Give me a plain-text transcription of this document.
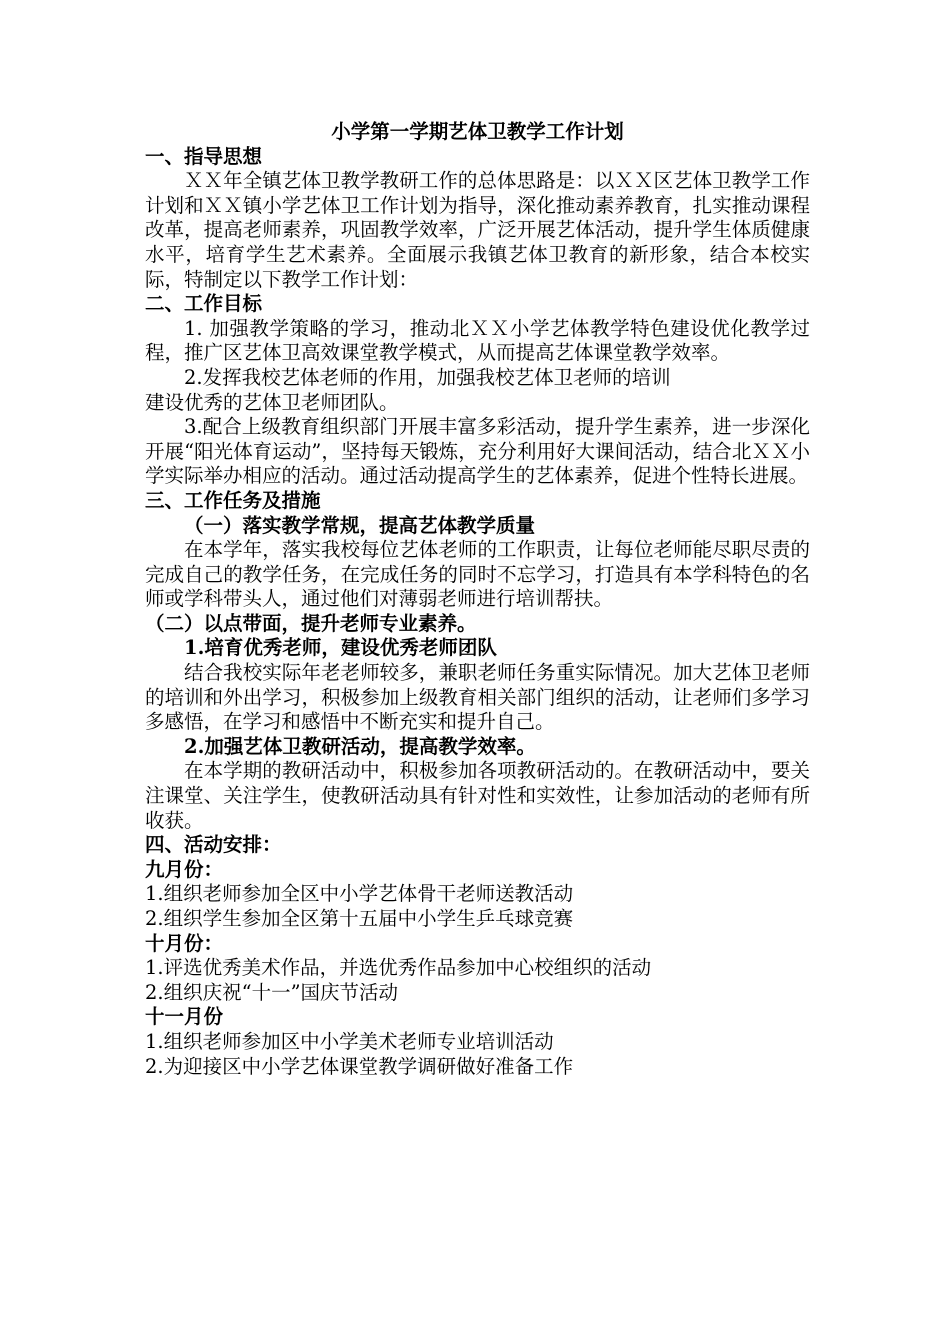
小学第一学期艺体卫教学工作计划

一、指导思想

ＸＸ年全镇艺体卫教学教研工作的总体思路是：以ＸＸ区艺体卫教学工作计划和ＸＸ镇小学艺体卫工作计划为指导，深化推动素养教育，扎实推动课程改革，提高老师素养，巩固教学效率，广泛开展艺体活动，提升学生体质健康水平，培育学生艺术素养。全面展示我镇艺体卫教育的新形象，结合本校实际，特制定以下教学工作计划：

二、工作目标

1. 加强教学策略的学习，推动北ＸＸ小学艺体教学特色建设优化教学过程，推广区艺体卫高效课堂教学模式，从而提高艺体课堂教学效率。

2.发挥我校艺体老师的作用，加强我校艺体卫老师的培训

建设优秀的艺体卫老师团队。

3.配合上级教育组织部门开展丰富多彩活动，提升学生素养，进一步深化开展“阳光体育运动”，坚持每天锻炼，充分利用好大课间活动，结合北ＸＸ小学实际举办相应的活动。通过活动提高学生的艺体素养，促进个性特长进展。

三、工作任务及措施

（一）落实教学常规，提高艺体教学质量

在本学年，落实我校每位艺体老师的工作职责，让每位老师能尽职尽责的完成自己的教学任务，在完成任务的同时不忘学习，打造具有本学科特色的名师或学科带头人，通过他们对薄弱老师进行培训帮扶。

（二）以点带面，提升老师专业素养。

1.培育优秀老师，建设优秀老师团队

结合我校实际年老老师较多，兼职老师任务重实际情况。加大艺体卫老师的培训和外出学习，积极参加上级教育相关部门组织的活动，让老师们多学习多感悟，在学习和感悟中不断充实和提升自己。

2.加强艺体卫教研活动，提高教学效率。

在本学期的教研活动中，积极参加各项教研活动的。在教研活动中，要关注课堂、关注学生，使教研活动具有针对性和实效性，让参加活动的老师有所收获。

四、活动安排：

九月份：

1.组织老师参加全区中小学艺体骨干老师送教活动

2.组织学生参加全区第十五届中小学生乒乓球竞赛

十月份：

1.评选优秀美术作品，并选优秀作品参加中心校组织的活动

2.组织庆祝“十一”国庆节活动

十一月份

1.组织老师参加区中小学美术老师专业培训活动

2.为迎接区中小学艺体课堂教学调研做好准备工作
